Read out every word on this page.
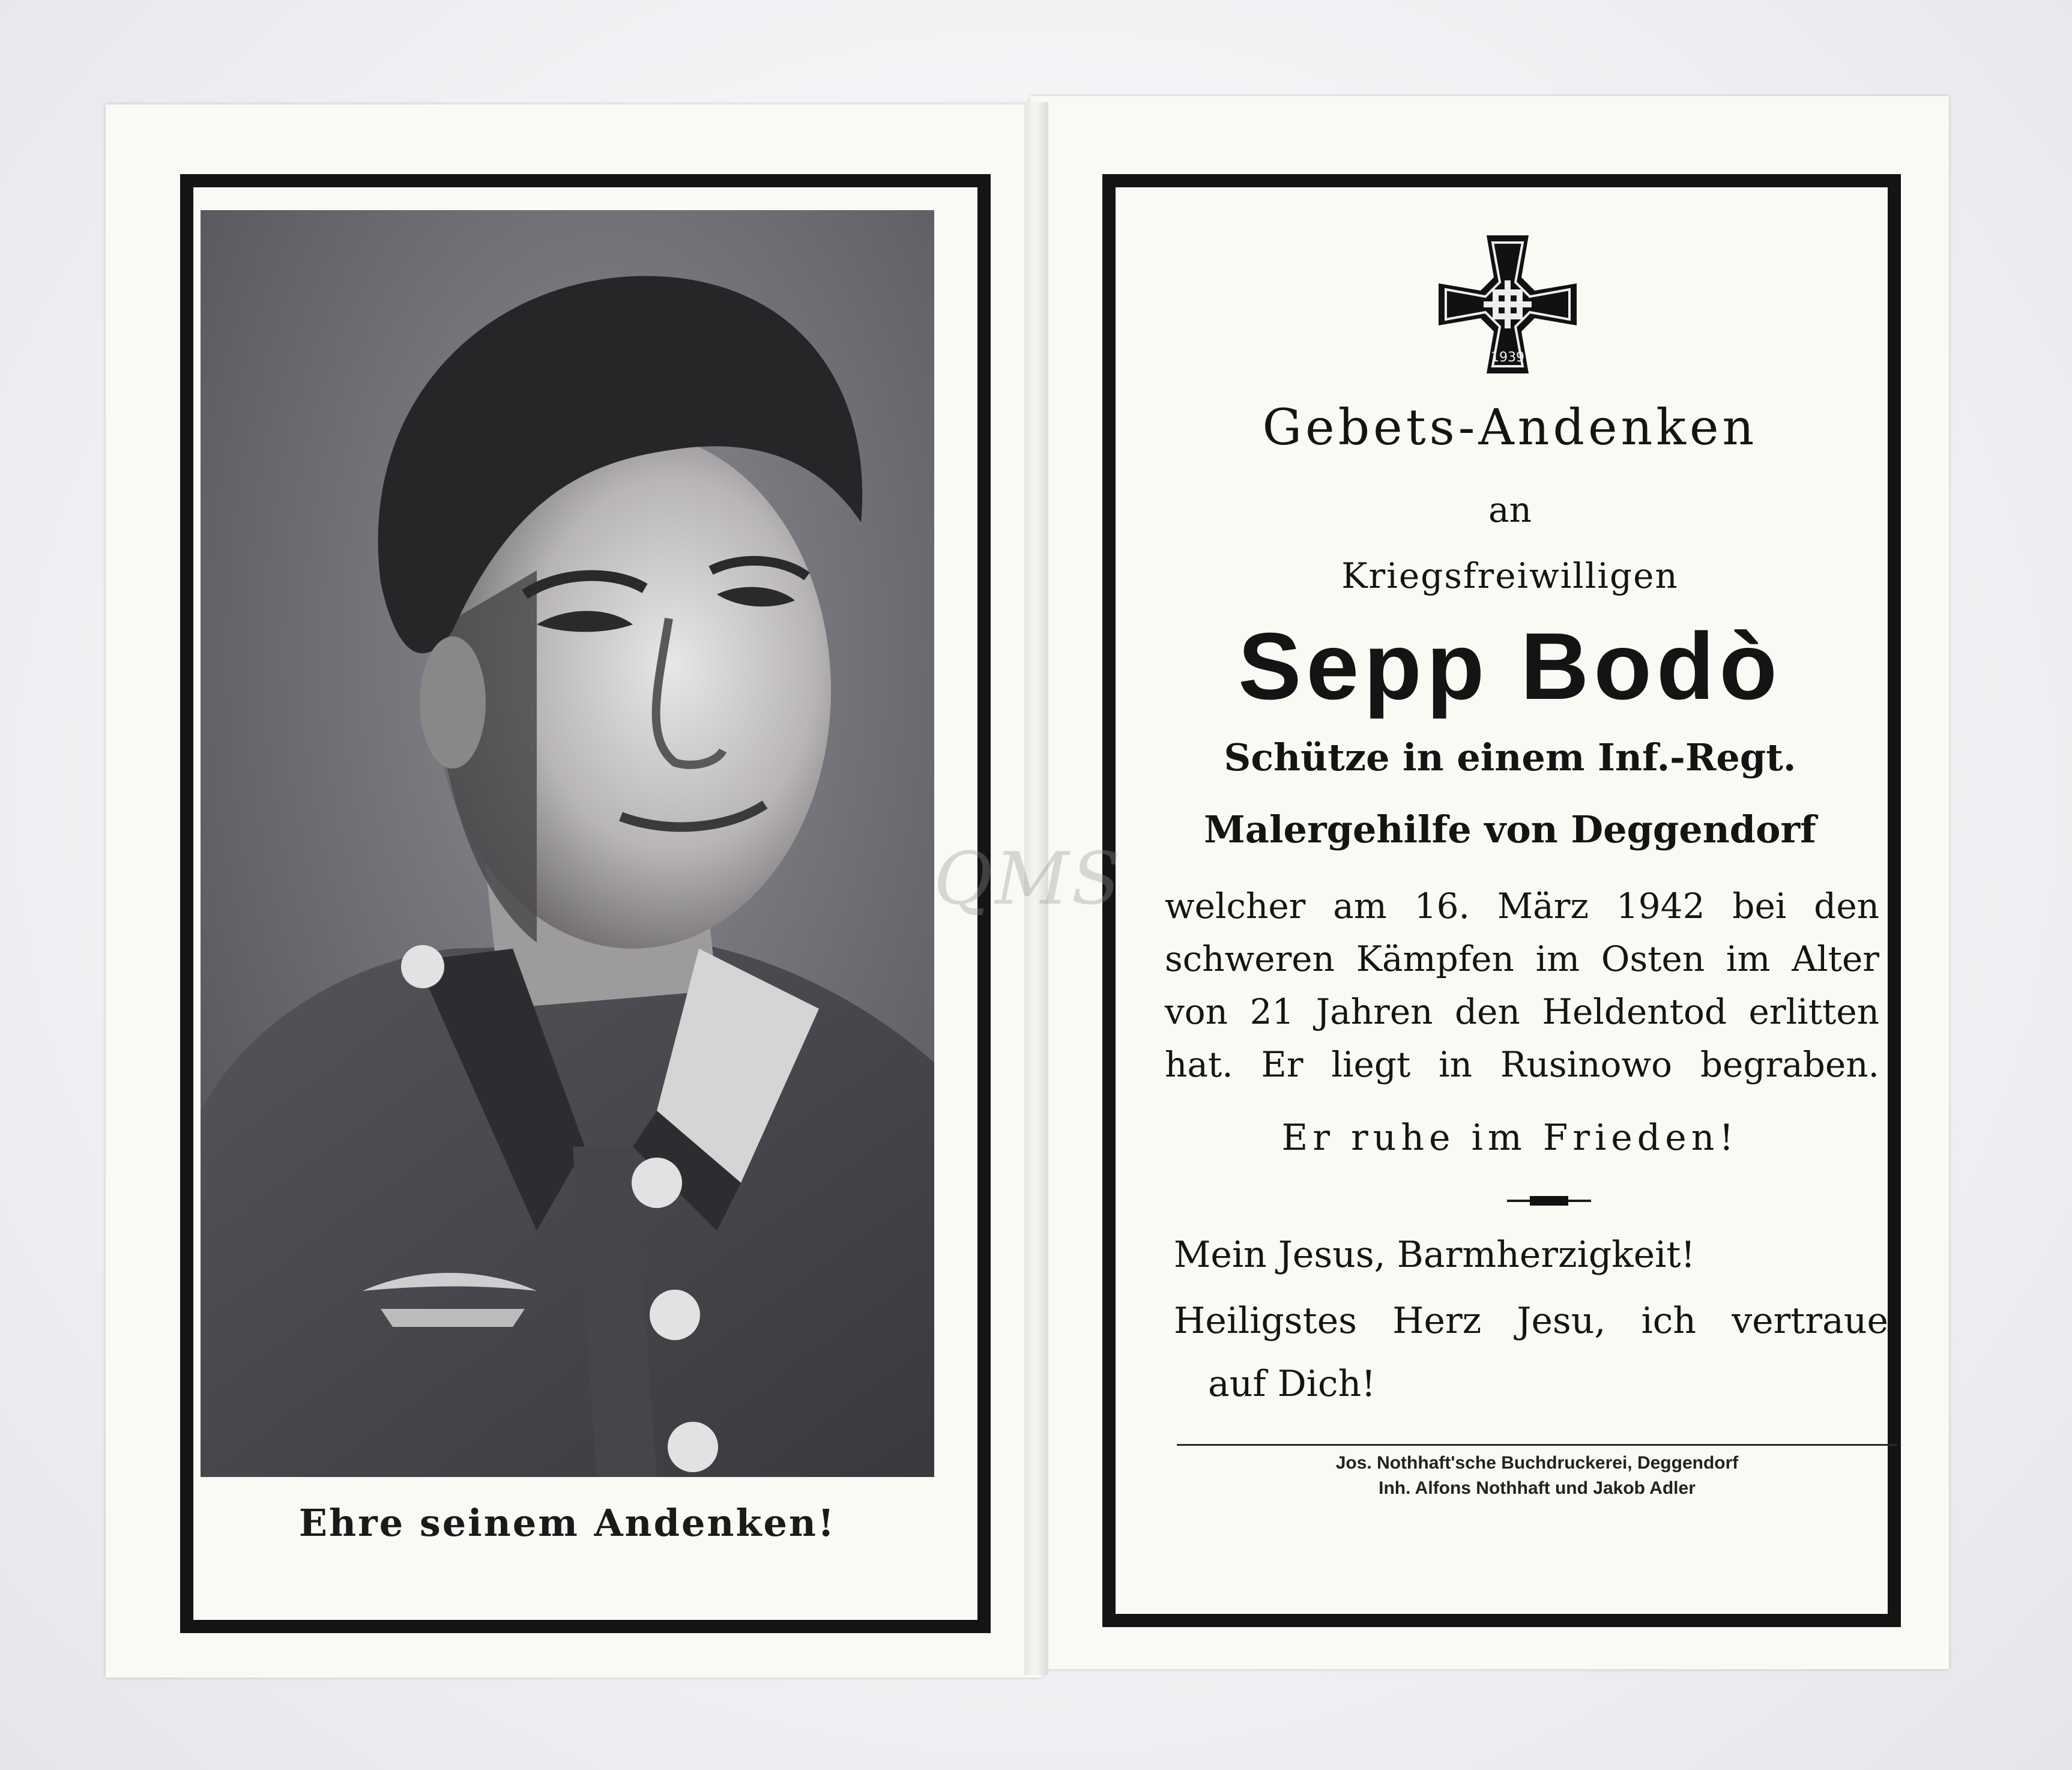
Ehre seinem Andenken!
1939
Gebets-Andenken
an
Kriegsfreiwilligen
Sepp Bodò
Schütze in einem Inf.-Regt.
Malergehilfe von Deggendorf
welcher am 16. März 1942 bei den
schweren Kämpfen im Osten im Alter
von 21 Jahren den Heldentod erlitten
hat. Er liegt in Rusinowo begraben.
Er ruhe im Frieden!
Mein Jesus, Barmherzigkeit!
Heiligstes Herz Jesu, ich vertraue
auf Dich!
Jos. Nothhaft'sche Buchdruckerei, Deggendorf
Inh. Alfons Nothhaft und Jakob Adler
QMS
